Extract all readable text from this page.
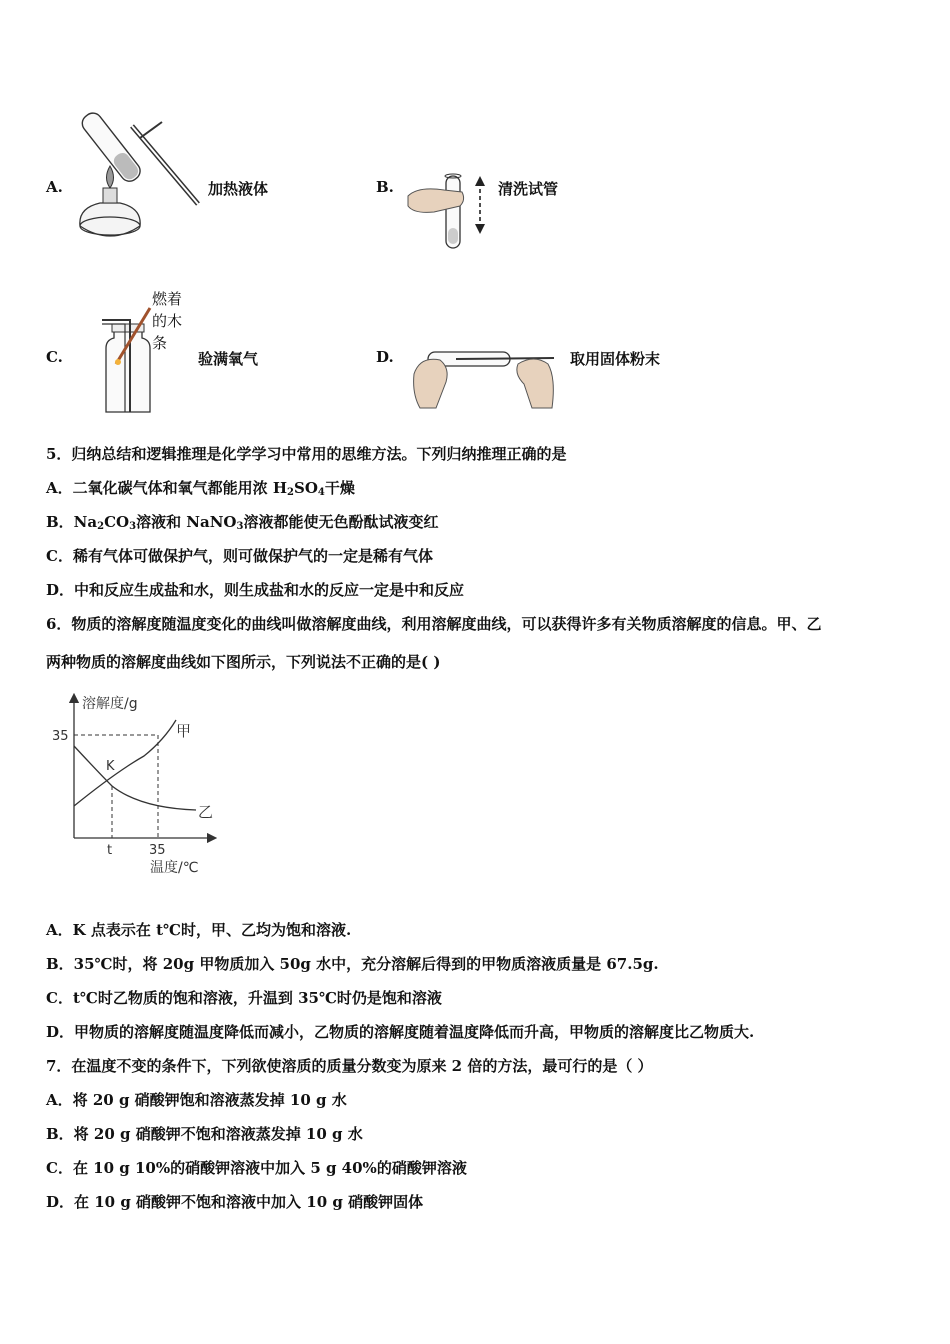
A.	加热液体	B.	清洗试管
C.
燃着
的木
条
验满氧气	D.	取用固体粉末
5．归纳总结和逻辑推理是化学学习中常用的思维方法。下列归纳推理正确的是
A．二氧化碳气体和氧气都能用浓 $H_2SO_4$干燥
B．$Na_2CO_3$溶液和 NaNO$_3$溶液都能使无色酚酞试液变红
C．稀有气体可做保护气，则可做保护气的一定是稀有气体
D．中和反应生成盐和水，则生成盐和水的反应一定是中和反应
6．物质的溶解度随温度变化的曲线叫做溶解度曲线，利用溶解度曲线，可以获得许多有关物质溶解度的信息。甲、乙
两种物质的溶解度曲线如下图所示，下列说法不正确的是( )
溶解度/g
温度/℃
35
t	35
甲
乙
K
A．K 点表示在 t℃时，甲、乙均为饱和溶液.
B．35℃时，将 20g 甲物质加入 50g 水中，充分溶解后得到的甲物质溶液质量是 67.5g.
C．t℃时乙物质的饱和溶液，升温到 35℃时仍是饱和溶液
D．甲物质的溶解度随温度降低而减小，乙物质的溶解度随着温度降低而升高，甲物质的溶解度比乙物质大.
7．在温度不变的条件下，下列欲使溶质的质量分数变为原来 2 倍的方法，最可行的是（ ）
A．将 20 g 硝酸钾饱和溶液蒸发掉 10 g 水
B．将 20 g 硝酸钾不饱和溶液蒸发掉 10 g 水
C．在 10 g 10%的硝酸钾溶液中加入 5 g 40%的硝酸钾溶液
D．在 10 g 硝酸钾不饱和溶液中加入 10 g 硝酸钾固体
